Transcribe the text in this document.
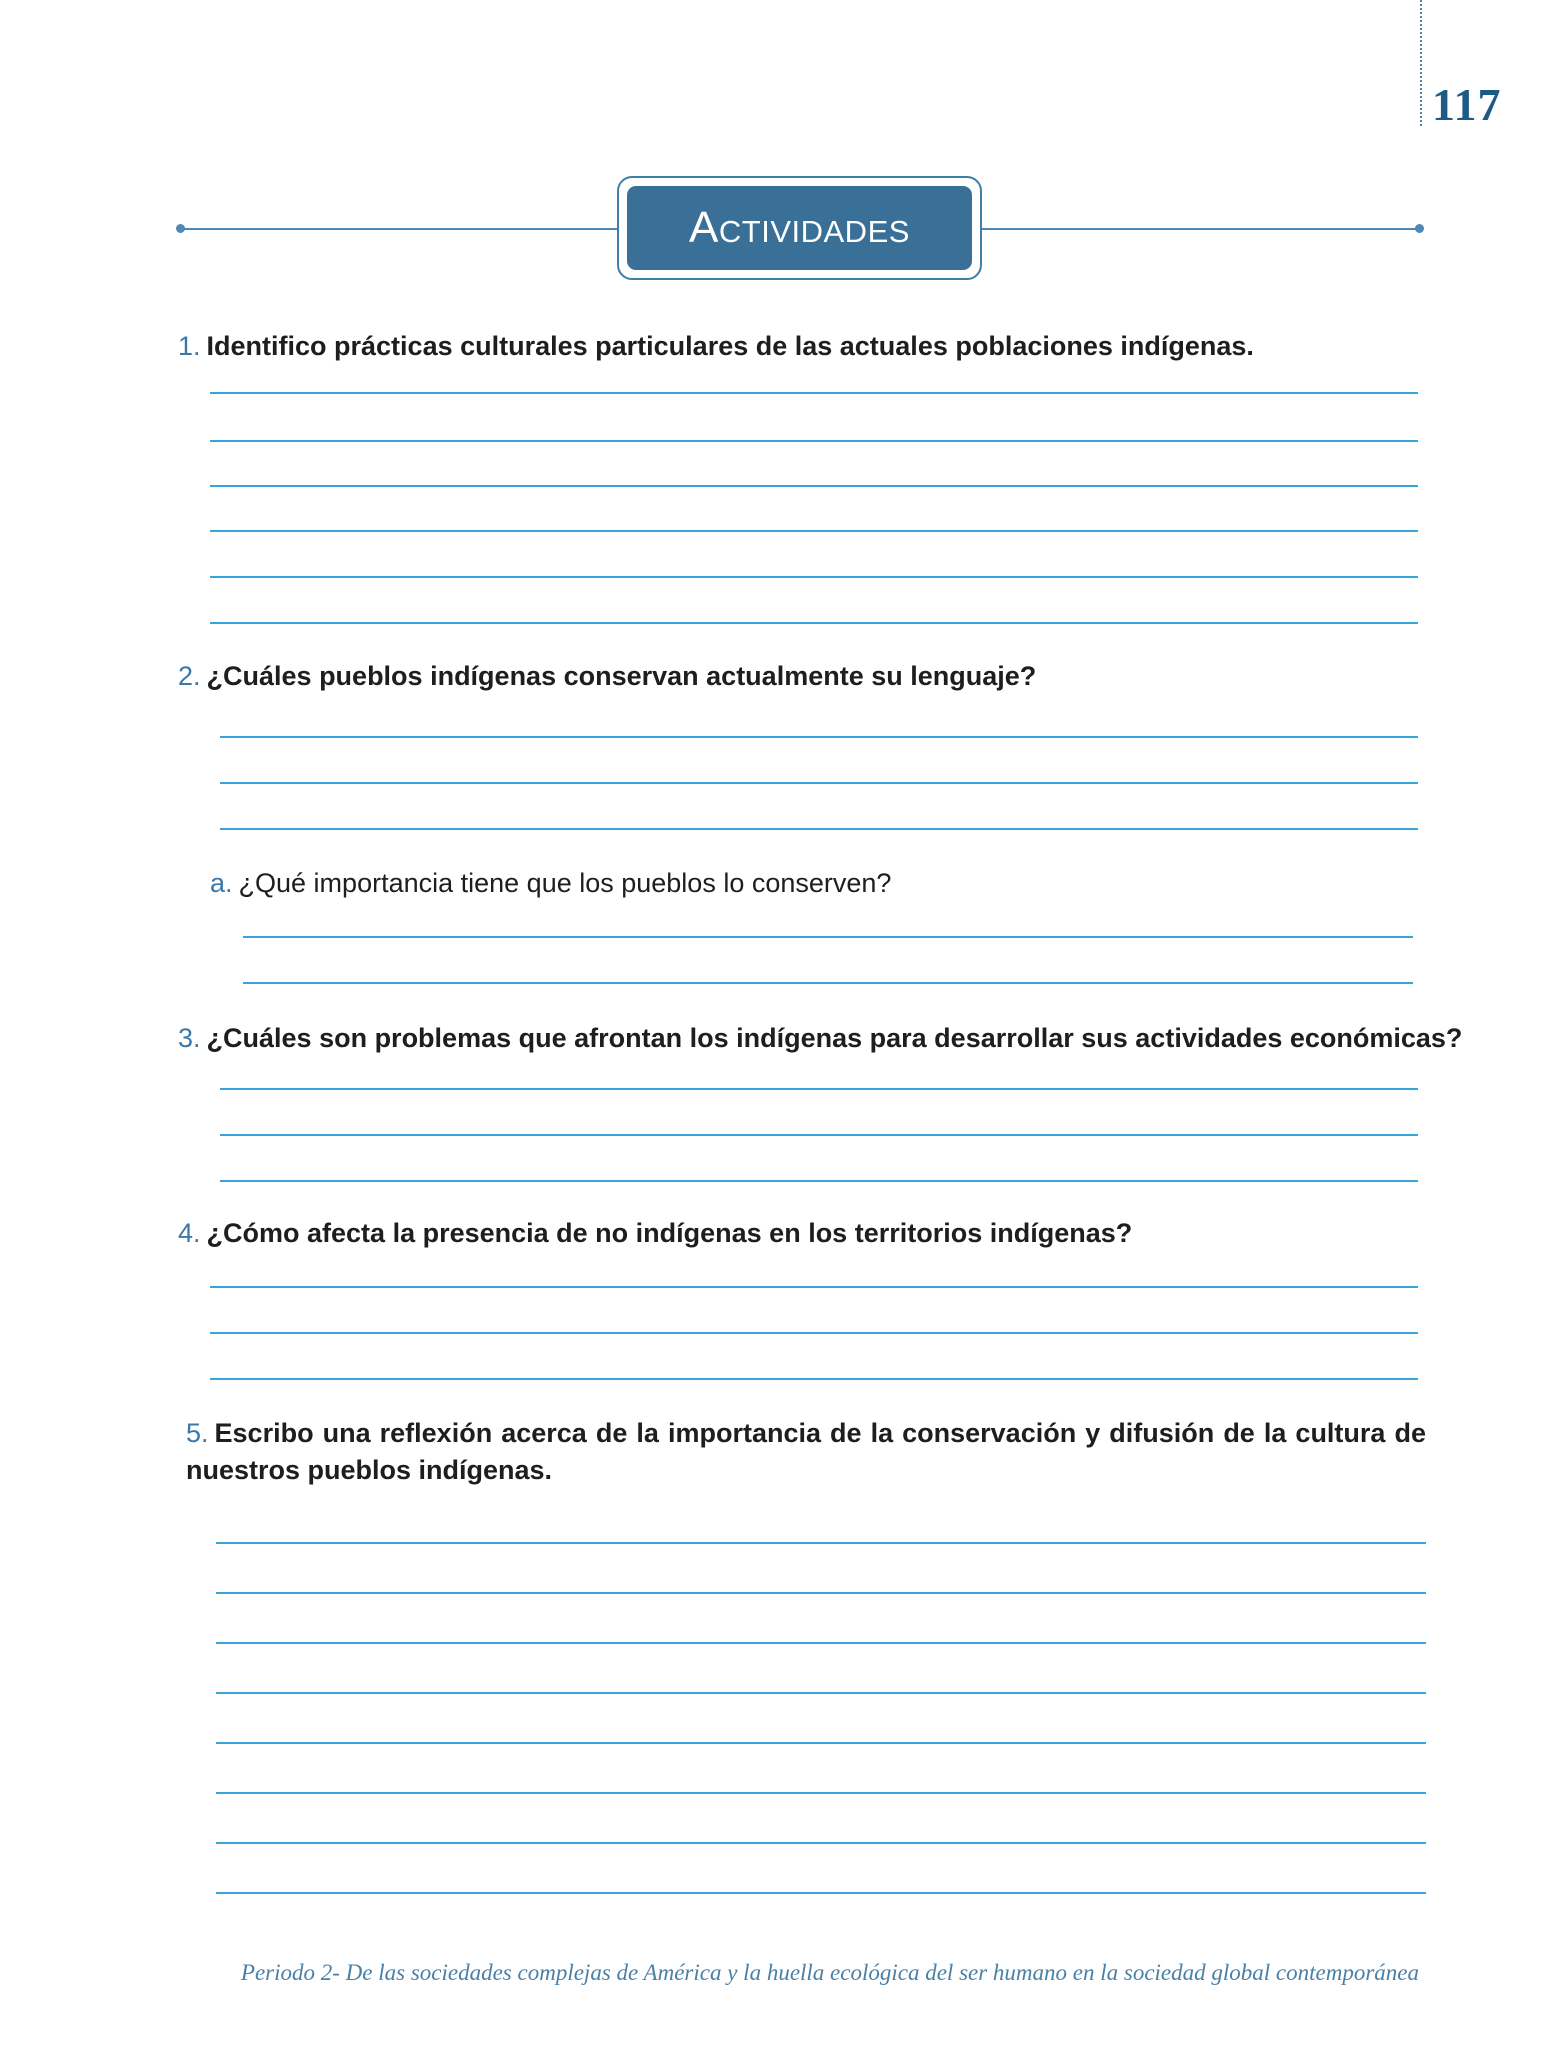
117
Actividades
1. Identifico prácticas culturales particulares de las actuales poblaciones indígenas.
2. ¿Cuáles pueblos indígenas conservan actualmente su lenguaje?
a. ¿Qué importancia tiene que los pueblos lo conserven?
3. ¿Cuáles son problemas que afrontan los indígenas para desarrollar sus actividades económicas?
4. ¿Cómo afecta la presencia de no indígenas en los territorios indígenas?
5. Escribo una reflexión acerca de la importancia de la conservación y difusión de la cultura de nuestros pueblos indígenas.
Periodo 2- De las sociedades complejas de América y la huella ecológica del ser humano en la sociedad global contemporánea
